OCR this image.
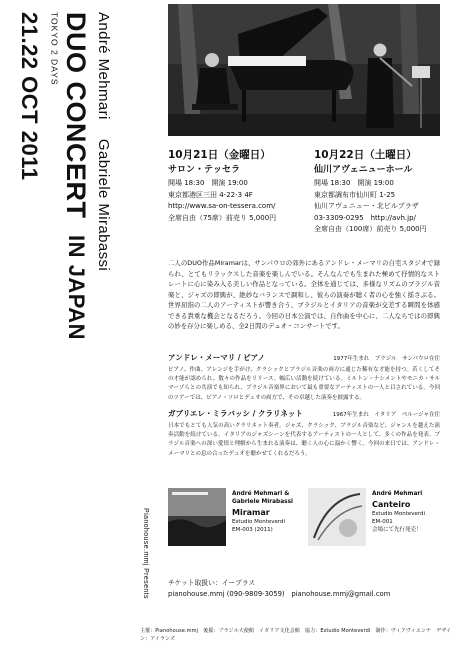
21.22 OCT 2011 TOKYO 2 DAYS DUO CONCERT IN JAPAN
André Mehmari  Gabriele Mirabassi
Pianohouse.mmj Presents
10月21日（金曜日）
サロン・テッセラ
開場 18:30　開演 19:00
東京都港区三田 4-22-3 4F
http://www.sa-on-tessera.com/
全席自由（75席）前売り 5,000円
10月22日（土曜日）
仙川アヴェニューホール
開場 18:30　開演 19:00
東京都調布市仙川町 1-25
仙川アヴェニュー・北ビルプラザ
03-3309-0295　http://avh.jp/
全席自由（100席）前売り 5,000円

二人のDUO作品Miramarは、サンパウロの郊外にあるアンドレ・メーマリの自宅スタジオで録られ、とてもリラックスした音楽を楽しんでいる。そんなんでも生まれた極めて抒情的なストレートに心に染み入る美しい作品となっている。全体を通じては、多様なリズムのブラジル音楽と、ジャズの即興が、絶妙なバランスで調和し、彼らの演奏が聴く者の心を強く揺さぶる。世界屈指の二人のアーティストが響き合う、ブラジルとイタリアの音楽が交差する瞬間を体感できる貴重な機会となるだろう。今回の日本公演では、自作曲を中心に、二人ならではの即興の妙を存分に楽しめる、全2日間のデュオ・コンサートです。

アンドレ・メーマリ / ピアノ	1977年生まれ　ブラジル　サンパウロ在住

ピアノ、作曲、アレンジを手がけ、クラシックとブラジル音楽の両方に通じた稀有な才能を持つ。若くしてその才能が認められ、数々の作品をリリース。幅広い活動を続けている。ミルトン・ナシメントやモニカ・サルマーゾらとの共演でも知られ、ブラジル音楽界において最も重要なアーティストの一人と目されている。今回のツアーでは、ピアノ・ソロとデュオの両方で、その卓越した演奏を披露する。

ガブリエレ・ミラバッシ / クラリネット	1967年生まれ　イタリア　ペルージャ在住

日本でもとても人気の高いクラリネット奏者。ジャズ、クラシック、ブラジル音楽など、ジャンルを越えた演奏活動を続けている。イタリアのジャズシーンを代表するアーティストの一人として、多くの作品を発表。ブラジル音楽への深い愛情と理解から生まれる演奏は、聴く人の心に温かく響く。今回の来日では、アンドレ・メーマリとの息の合ったデュオを聴かせてくれるだろう。

André Mehmari &
Gabriele Mirabassi
Miramar
Estudio Monteverdi
EM-003 (2011)
André Mehmari
Canteiro
Estudio Monteverdi
EM-001
会場にて先行発売！
チケット取扱い：イープラス
pianohouse.mmj (090-9809-3059)　pianohouse.mmj@gmail.com
主催：Pianohouse.mmj　後援：ブラジル大使館　イタリア文化会館　協力：Estudio Monteverdi　制作：ヴィアヴィエンナ　デザイン：アイランズ
